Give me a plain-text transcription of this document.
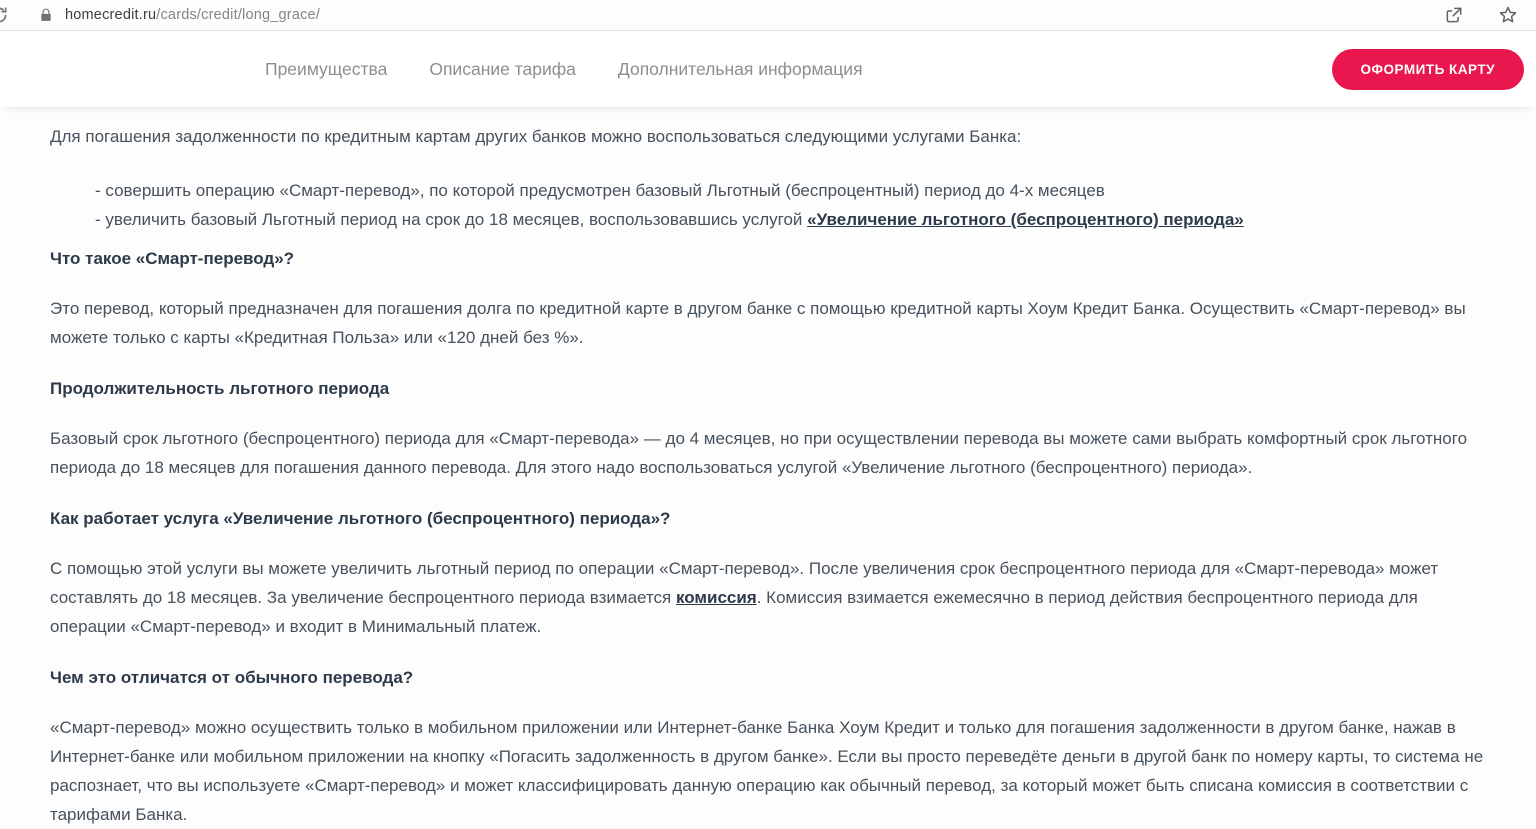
homecredit.ru/cards/credit/long_grace/
Преимущества Описание тарифа Дополнительная информация	ОФОРМИТЬ КАРТУ

Для погашения задолженности по кредитным картам других банков можно воспользоваться следующими услугами Банка:

- совершить операцию «Смарт-перевод», по которой предусмотрен базовый Льготный (беспроцентный) период до 4-х месяцев

- увеличить базовый Льготный период на срок до 18 месяцев, воспользовавшись услугой «Увеличение льготного (беспроцентного) периода»

Что такое «Смарт-перевод»?

Это перевод, который предназначен для погашения долга по кредитной карте в другом банке с помощью кредитной карты Хоум Кредит Банка. Осуществить «Смарт-перевод» вы можете только с карты «Кредитная Польза» или «120 дней без %».

Продолжительность льготного периода

Базовый срок льготного (беспроцентного) периода для «Смарт-перевода» — до 4 месяцев, но при осуществлении перевода вы можете сами выбрать комфортный срок льготного периода до 18 месяцев для погашения данного перевода. Для этого надо воспользоваться услугой «Увеличение льготного (беспроцентного) периода».

Как работает услуга «Увеличение льготного (беспроцентного) периода»?

С помощью этой услуги вы можете увеличить льготный период по операции «Смарт-перевод». После увеличения срок беспроцентного периода для «Смарт-перевода» может составлять до 18 месяцев. За увеличение беспроцентного периода взимается комиссия. Комиссия взимается ежемесячно в период действия беспроцентного периода для операции «Смарт-перевод» и входит в Минимальный платеж.

Чем это отличатся от обычного перевода?

«Смарт-перевод» можно осуществить только в мобильном приложении или Интернет-банке Банка Хоум Кредит и только для погашения задолженности в другом банке, нажав в Интернет-банке или мобильном приложении на кнопку «Погасить задолженность в другом банке». Если вы просто переведёте деньги в другой банк по номеру карты, то система не распознает, что вы используете «Смарт-перевод» и может классифицировать данную операцию как обычный перевод, за который может быть списана комиссия в соответствии с тарифами Банка.
